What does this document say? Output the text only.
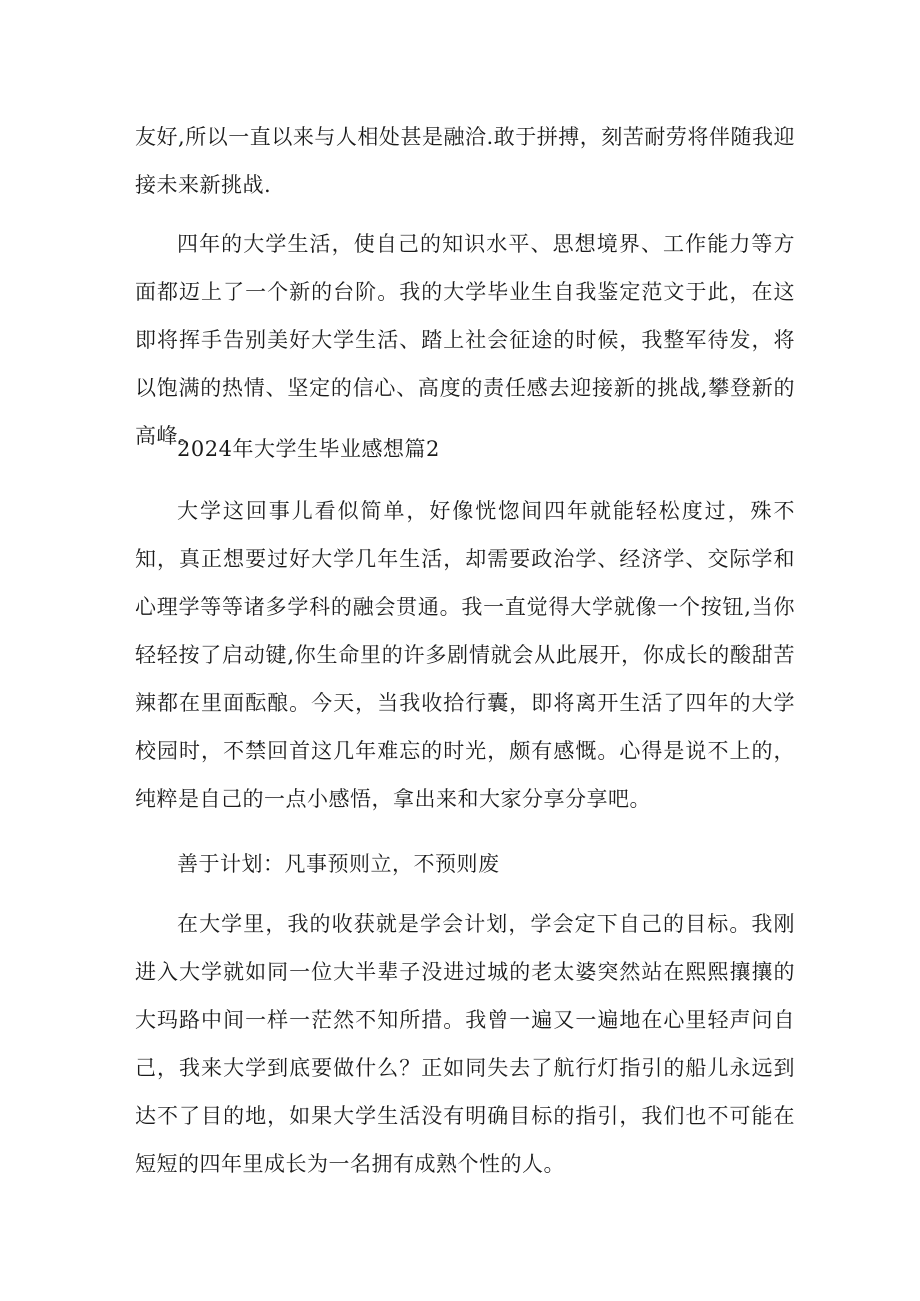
友好,所以一直以来与人相处甚是融洽.敢于拼搏，刻苦耐劳将伴随我迎接未来新挑战.

四年的大学生活，使自己的知识水平、思想境界、工作能力等方面都迈上了一个新的台阶。我的大学毕业生自我鉴定范文于此，在这即将挥手告别美好大学生活、踏上社会征途的时候，我整军待发，将以饱满的热情、坚定的信心、高度的责任感去迎接新的挑战,攀登新的高峰。

2024年大学生毕业感想篇2

大学这回事儿看似简单，好像恍惚间四年就能轻松度过，殊不知，真正想要过好大学几年生活，却需要政治学、经济学、交际学和心理学等等诸多学科的融会贯通。我一直觉得大学就像一个按钮,当你轻轻按了启动键,你生命里的许多剧情就会从此展开，你成长的酸甜苦辣都在里面酝酿。今天，当我收拾行囊，即将离开生活了四年的大学校园时，不禁回首这几年难忘的时光，颇有感慨。心得是说不上的，纯粹是自己的一点小感悟，拿出来和大家分享分享吧。

善于计划：凡事预则立，不预则废

在大学里，我的收获就是学会计划，学会定下自己的目标。我刚进入大学就如同一位大半辈子没进过城的老太婆突然站在熙熙攘攘的大玛路中间一样一茫然不知所措。我曾一遍又一遍地在心里轻声问自己，我来大学到底要做什么？正如同失去了航行灯指引的船儿永远到达不了目的地，如果大学生活没有明确目标的指引，我们也不可能在短短的四年里成长为一名拥有成熟个性的人。
